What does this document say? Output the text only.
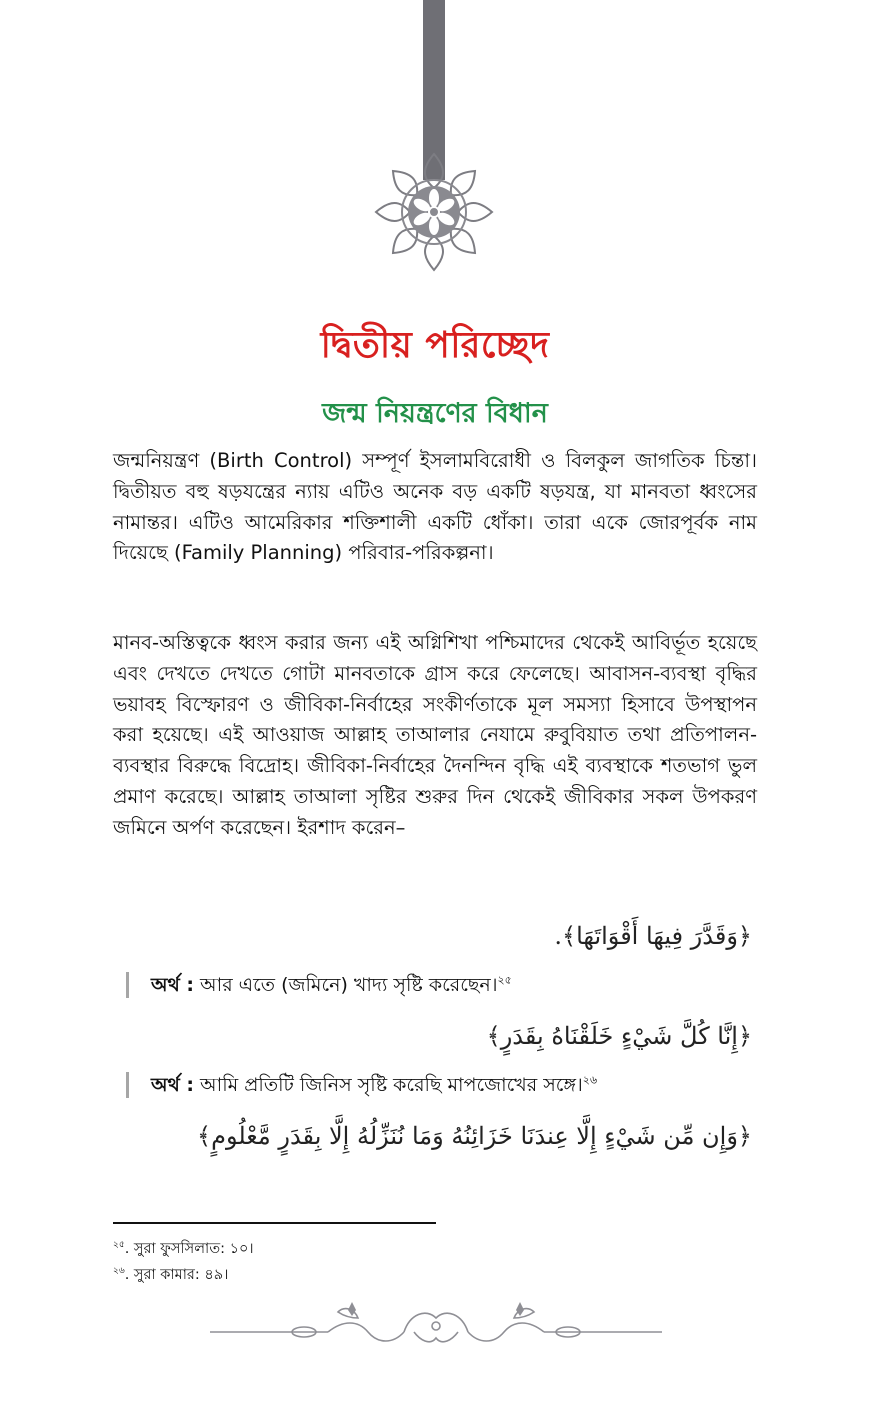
দ্বিতীয় পরিচ্ছেদ
জন্ম নিয়ন্ত্রণের বিধান
জন্মনিয়ন্ত্রণ (Birth Control) সম্পূর্ণ ইসলামবিরোধী ও বিলকুল জাগতিক চিন্তা। দ্বিতীয়ত বহু ষড়যন্ত্রের ন্যায় এটিও অনেক বড় একটি ষড়যন্ত্র, যা মানবতা ধ্বংসের নামান্তর। এটিও আমেরিকার শক্তিশালী একটি ধোঁকা। তারা একে জোরপূর্বক নাম দিয়েছে (Family Planning) পরিবার-পরিকল্পনা।
মানব-অস্তিত্বকে ধ্বংস করার জন্য এই অগ্নিশিখা পশ্চিমাদের থেকেই আবির্ভূত হয়েছে এবং দেখতে দেখতে গোটা মানবতাকে গ্রাস করে ফেলেছে। আবাসন-ব্যবস্থা বৃদ্ধির ভয়াবহ বিস্ফোরণ ও জীবিকা-নির্বাহের সংকীর্ণতাকে মূল সমস্যা হিসাবে উপস্থাপন করা হয়েছে। এই আওয়াজ আল্লাহ তাআলার নেযামে রুবুবিয়াত তথা প্রতিপালন-ব্যবস্থার বিরুদ্ধে বিদ্রোহ। জীবিকা-নির্বাহের দৈনন্দিন বৃদ্ধি এই ব্যবস্থাকে শতভাগ ভুল প্রমাণ করেছে। আল্লাহ তাআলা সৃষ্টির শুরুর দিন থেকেই জীবিকার সকল উপকরণ জমিনে অর্পণ করেছেন। ইরশাদ করেন–
﴿وَقَدَّرَ فِيهَا أَقْوَاتَهَا﴾.
অর্থ : আর এতে (জমিনে) খাদ্য সৃষ্টি করেছেন।$^{২৫}$
﴿إِنَّا كُلَّ شَيْءٍ خَلَقْنَاهُ بِقَدَرٍ﴾
অর্থ : আমি প্রতিটি জিনিস সৃষ্টি করেছি মাপজোখের সঙ্গে।$^{২৬}$
﴿وَإِن مِّن شَيْءٍ إِلَّا عِندَنَا خَزَائِنُهُ وَمَا نُنَزِّلُهُ إِلَّا بِقَدَرٍ مَّعْلُومٍ﴾
$^{২৫}$. সুরা ফুসসিলাত: ১০।
$^{২৬}$. সুরা কামার: ৪৯।
